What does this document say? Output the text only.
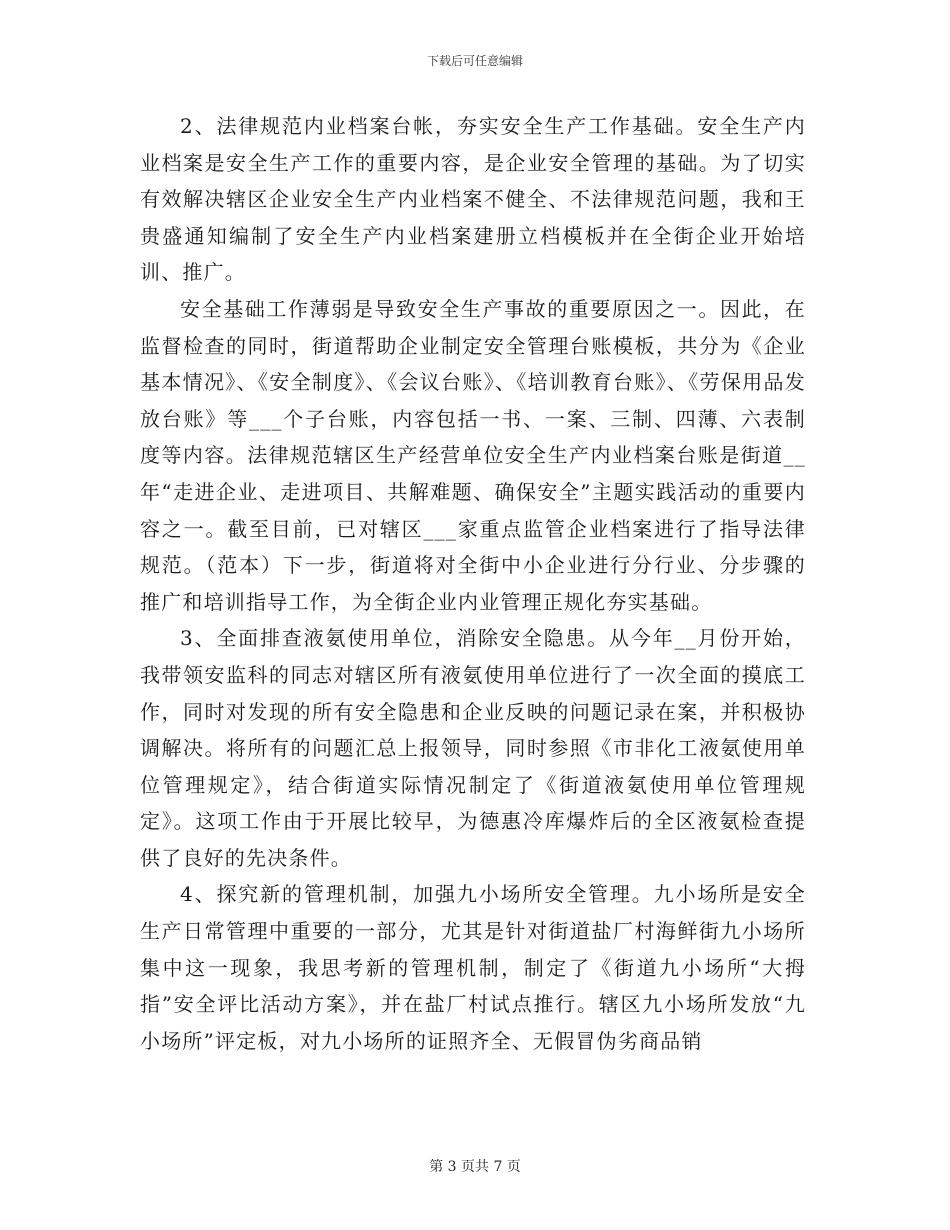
下载后可任意编辑

2、法律规范内业档案台帐，夯实安全生产工作基础。安全生产内业档案是安全生产工作的重要内容，是企业安全管理的基础。为了切实有效解决辖区企业安全生产内业档案不健全、不法律规范问题，我和王贵盛通知编制了安全生产内业档案建册立档模板并在全街企业开始培训、推广。

安全基础工作薄弱是导致安全生产事故的重要原因之一。因此，在监督检查的同时，街道帮助企业制定安全管理台账模板，共分为《企业基本情况》、《安全制度》、《会议台账》、《培训教育台账》、《劳保用品发放台账》等___个子台账，内容包括一书、一案、三制、四薄、六表制度等内容。法律规范辖区生产经营单位安全生产内业档案台账是街道__年“走进企业、走进项目、共解难题、确保安全”主题实践活动的重要内容之一。截至目前，已对辖区___家重点监管企业档案进行了指导法律规范。（范本）下一步，街道将对全街中小企业进行分行业、分步骤的推广和培训指导工作，为全街企业内业管理正规化夯实基础。

3、全面排查液氨使用单位，消除安全隐患。从今年__月份开始，我带领安监科的同志对辖区所有液氨使用单位进行了一次全面的摸底工作，同时对发现的所有安全隐患和企业反映的问题记录在案，并积极协调解决。将所有的问题汇总上报领导，同时参照《市非化工液氨使用单位管理规定》，结合街道实际情况制定了《街道液氨使用单位管理规定》。这项工作由于开展比较早，为德惠冷库爆炸后的全区液氨检查提供了良好的先决条件。

4、探究新的管理机制，加强九小场所安全管理。九小场所是安全生产日常管理中重要的一部分，尤其是针对街道盐厂村海鲜街九小场所集中这一现象，我思考新的管理机制，制定了《街道九小场所“大拇指”安全评比活动方案》，并在盐厂村试点推行。辖区九小场所发放“九小场所”评定板，对九小场所的证照齐全、无假冒伪劣商品销

第 3 页共 7 页
